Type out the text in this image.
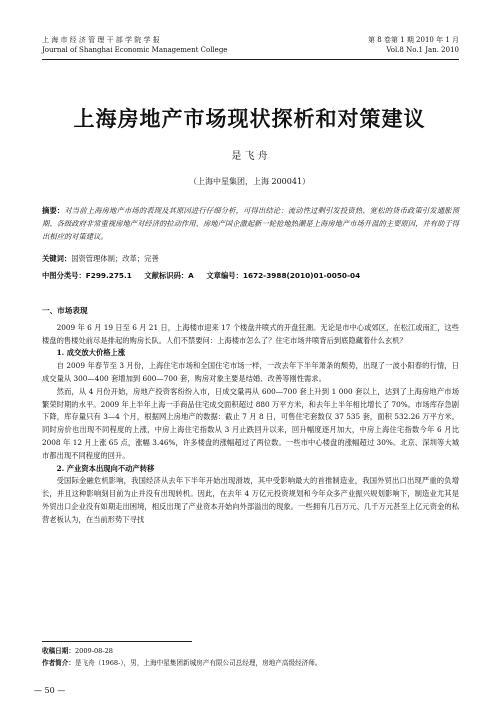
上 海 市 经 济 管 理 干 部 学 院 学 报
Journal of Shanghai Economic Management College
第 8 卷第 1 期 2010 年 1 月
Vol.8 No.1 Jan. 2010
上海房地产市场现状探析和对策建议
是 飞 舟
（上海中星集团，上海 200041）
摘要：对当前上海房地产市场的表现及其原因进行仔细分析，可得出结论：流动性过剩引发投资热、宽松的货币政策引发通胀预期、各级政府非常重视房地产对经济的拉动作用、房地产国企激起新一轮抢地热潮是上海房地产市场升温的主要原因，并有助于得出相应的对策建议。
关键词：国资管理体制；改革；完善
中图分类号：F299.275.1 文献标识码：A 文章编号：1672-3988(2010)01-0050-04
一、市场表现

2009 年 6 月 19 日至 6 月 21 日，上海楼市迎来 17 个楼盘井喷式的开盘狂潮。无论是市中心或郊区，在松江或南汇，这些楼盘的售楼处前尽是排起的购房长队。人们不禁要问：上海楼市怎么了？住宅市场井喷背后到底隐藏着什么玄机？

1. 成交放大价格上涨

自 2009 年春节至 3 月份，上海住宅市场和全国住宅市场一样，一改去年下半年萧条的颓势，出现了一波小阳春的行情，日成交量从 300—400 套增加到 600—700 套，购房对象主要是结婚、改善等刚性需求。

然而，从 4 月份开始，房地产投资客纷纷入市，日成交量再从 600—700 套上升到 1 000 套以上，达到了上海房地产市场繁荣时期的水平。2009 年上半年上海一手商品住宅成交面积超过 880 万平方米，和去年上半年相比增长了 70%。市场库存急剧下降，库存量只有 3—4 个月，根据网上房地产的数据：截止 7 月 8 日，可售住宅套数仅 37 535 套，面积 532.26 万平方米。同时房价也出现不同程度的上涨，中房上海住宅指数从 3 月止跌回升以来，回升幅度逐月加大，中房上海住宅指数今年 6 月比 2008 年 12 月上涨 65 点，涨幅 3.46%，许多楼盘的涨幅超过了两位数。一些市中心楼盘的涨幅超过 30%。北京、深圳等大城市都出现不同程度的回升。

2. 产业资本出现向不动产转移

受国际金融危机影响，我国经济从去年下半年开始出现滑坡，其中受影响最大的首推制造业，我国外贸出口出现严重的负增长，并且这种影响刻目前为止并没有出现转机。因此，在去年 4 万亿元投资规划和今年众多产业振兴规划影响下，制造业尤其是外贸出口企业没有如期走出困境，相反出现了产业资本开始向外部溢出的现象。一些拥有几百万元、几千万元甚至上亿元资金的私营老板认为，在当前形势下寻找

收稿日期：2009-08-28
作者简介：是飞舟（1968-），男，上海中星集团新城房产有限公司总经理，房地产高级经济师。
— 50 —
